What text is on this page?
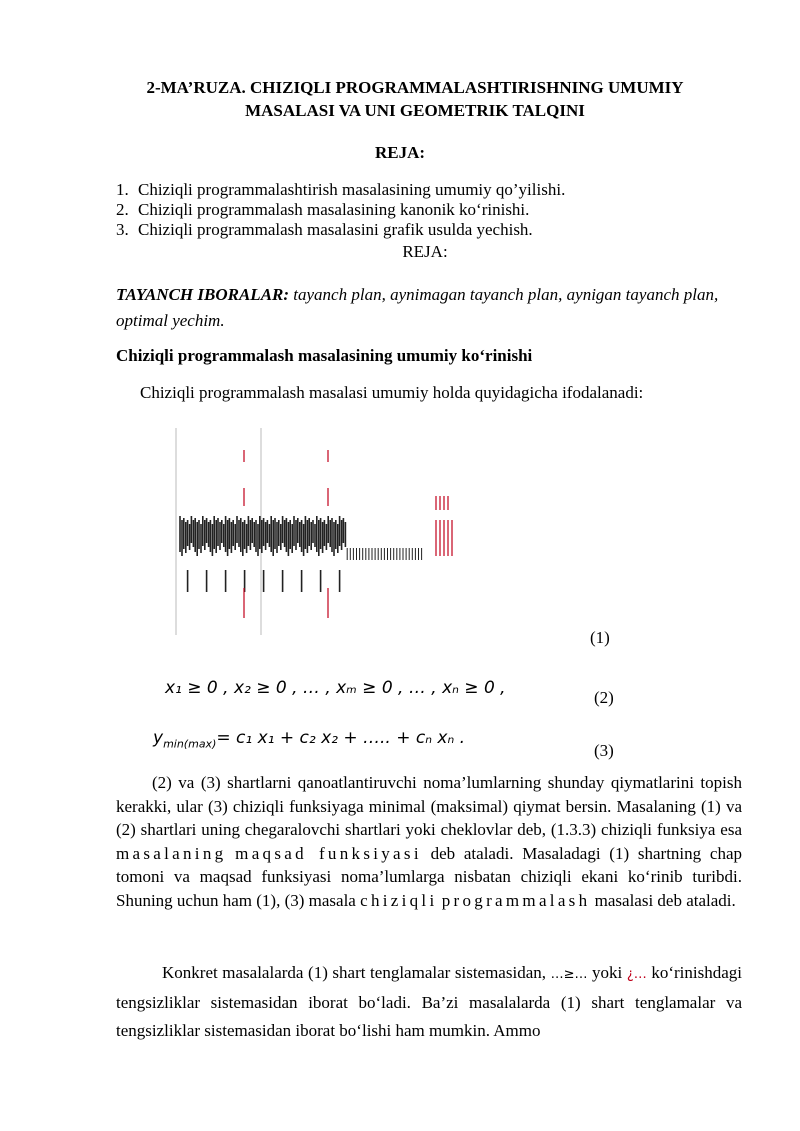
2-MA’RUZA. CHIZIQLI PROGRAMMALASHTIRISHNING UMUMIY
MASALASI VA UNI GEOMETRIK TALQINI
REJA:
1. Chiziqli programmalashtirish masalasining umumiy qo’yilishi.
2. Chiziqli programmalash masalasining kanonik ko‘rinishi.
3. Chiziqli programmalash masalasini grafik usulda yechish.
REJA:
TAYANCH IBORALAR: tayanch plan, aynimagan tayanch plan, aynigan tayanch plan, optimal yechim.
Chiziqli programmalash masalasining umumiy ko‘rinishi
Chiziqli programmalash masalasi umumiy holda quyidagicha ifodalanadi:
(1)
x₁ ≥ 0 , x₂ ≥ 0 , … , xₘ ≥ 0 , … , xₙ ≥ 0 ,	(2)
$y_{min(max)}= c_1$ x₁ + c₂ x₂ + ….. + cₙ xₙ .
(3)
(2) va (3) shartlarni qanoatlantiruvchi noma’lumlarning shunday qiymatlarini topish kerakki, ular (3) chiziqli funksiyaga minimal (maksimal) qiymat bersin. Masalaning (1) va (2) shartlari uning chegaralovchi shartlari yoki cheklovlar deb, (1.3.3) chiziqli funksiya esa masalaning maqsad funksiyasi deb ataladi. Masaladagi (1) shartning chap tomoni va maqsad funksiyasi noma’lumlarga nisbatan chiziqli ekani ko‘rinib turibdi. Shuning uchun ham (1), (3) masala chiziqli programmalash masalasi deb ataladi.
Konkret masalalarda (1) shart tenglamalar sistemasidan, …≥… yoki ¿… ko‘rinishdagi tengsizliklar sistemasidan iborat bo‘ladi. Ba’zi masalalarda (1) shart tenglamalar va tengsizliklar sistemasidan iborat bo‘lishi ham mumkin. Ammo
